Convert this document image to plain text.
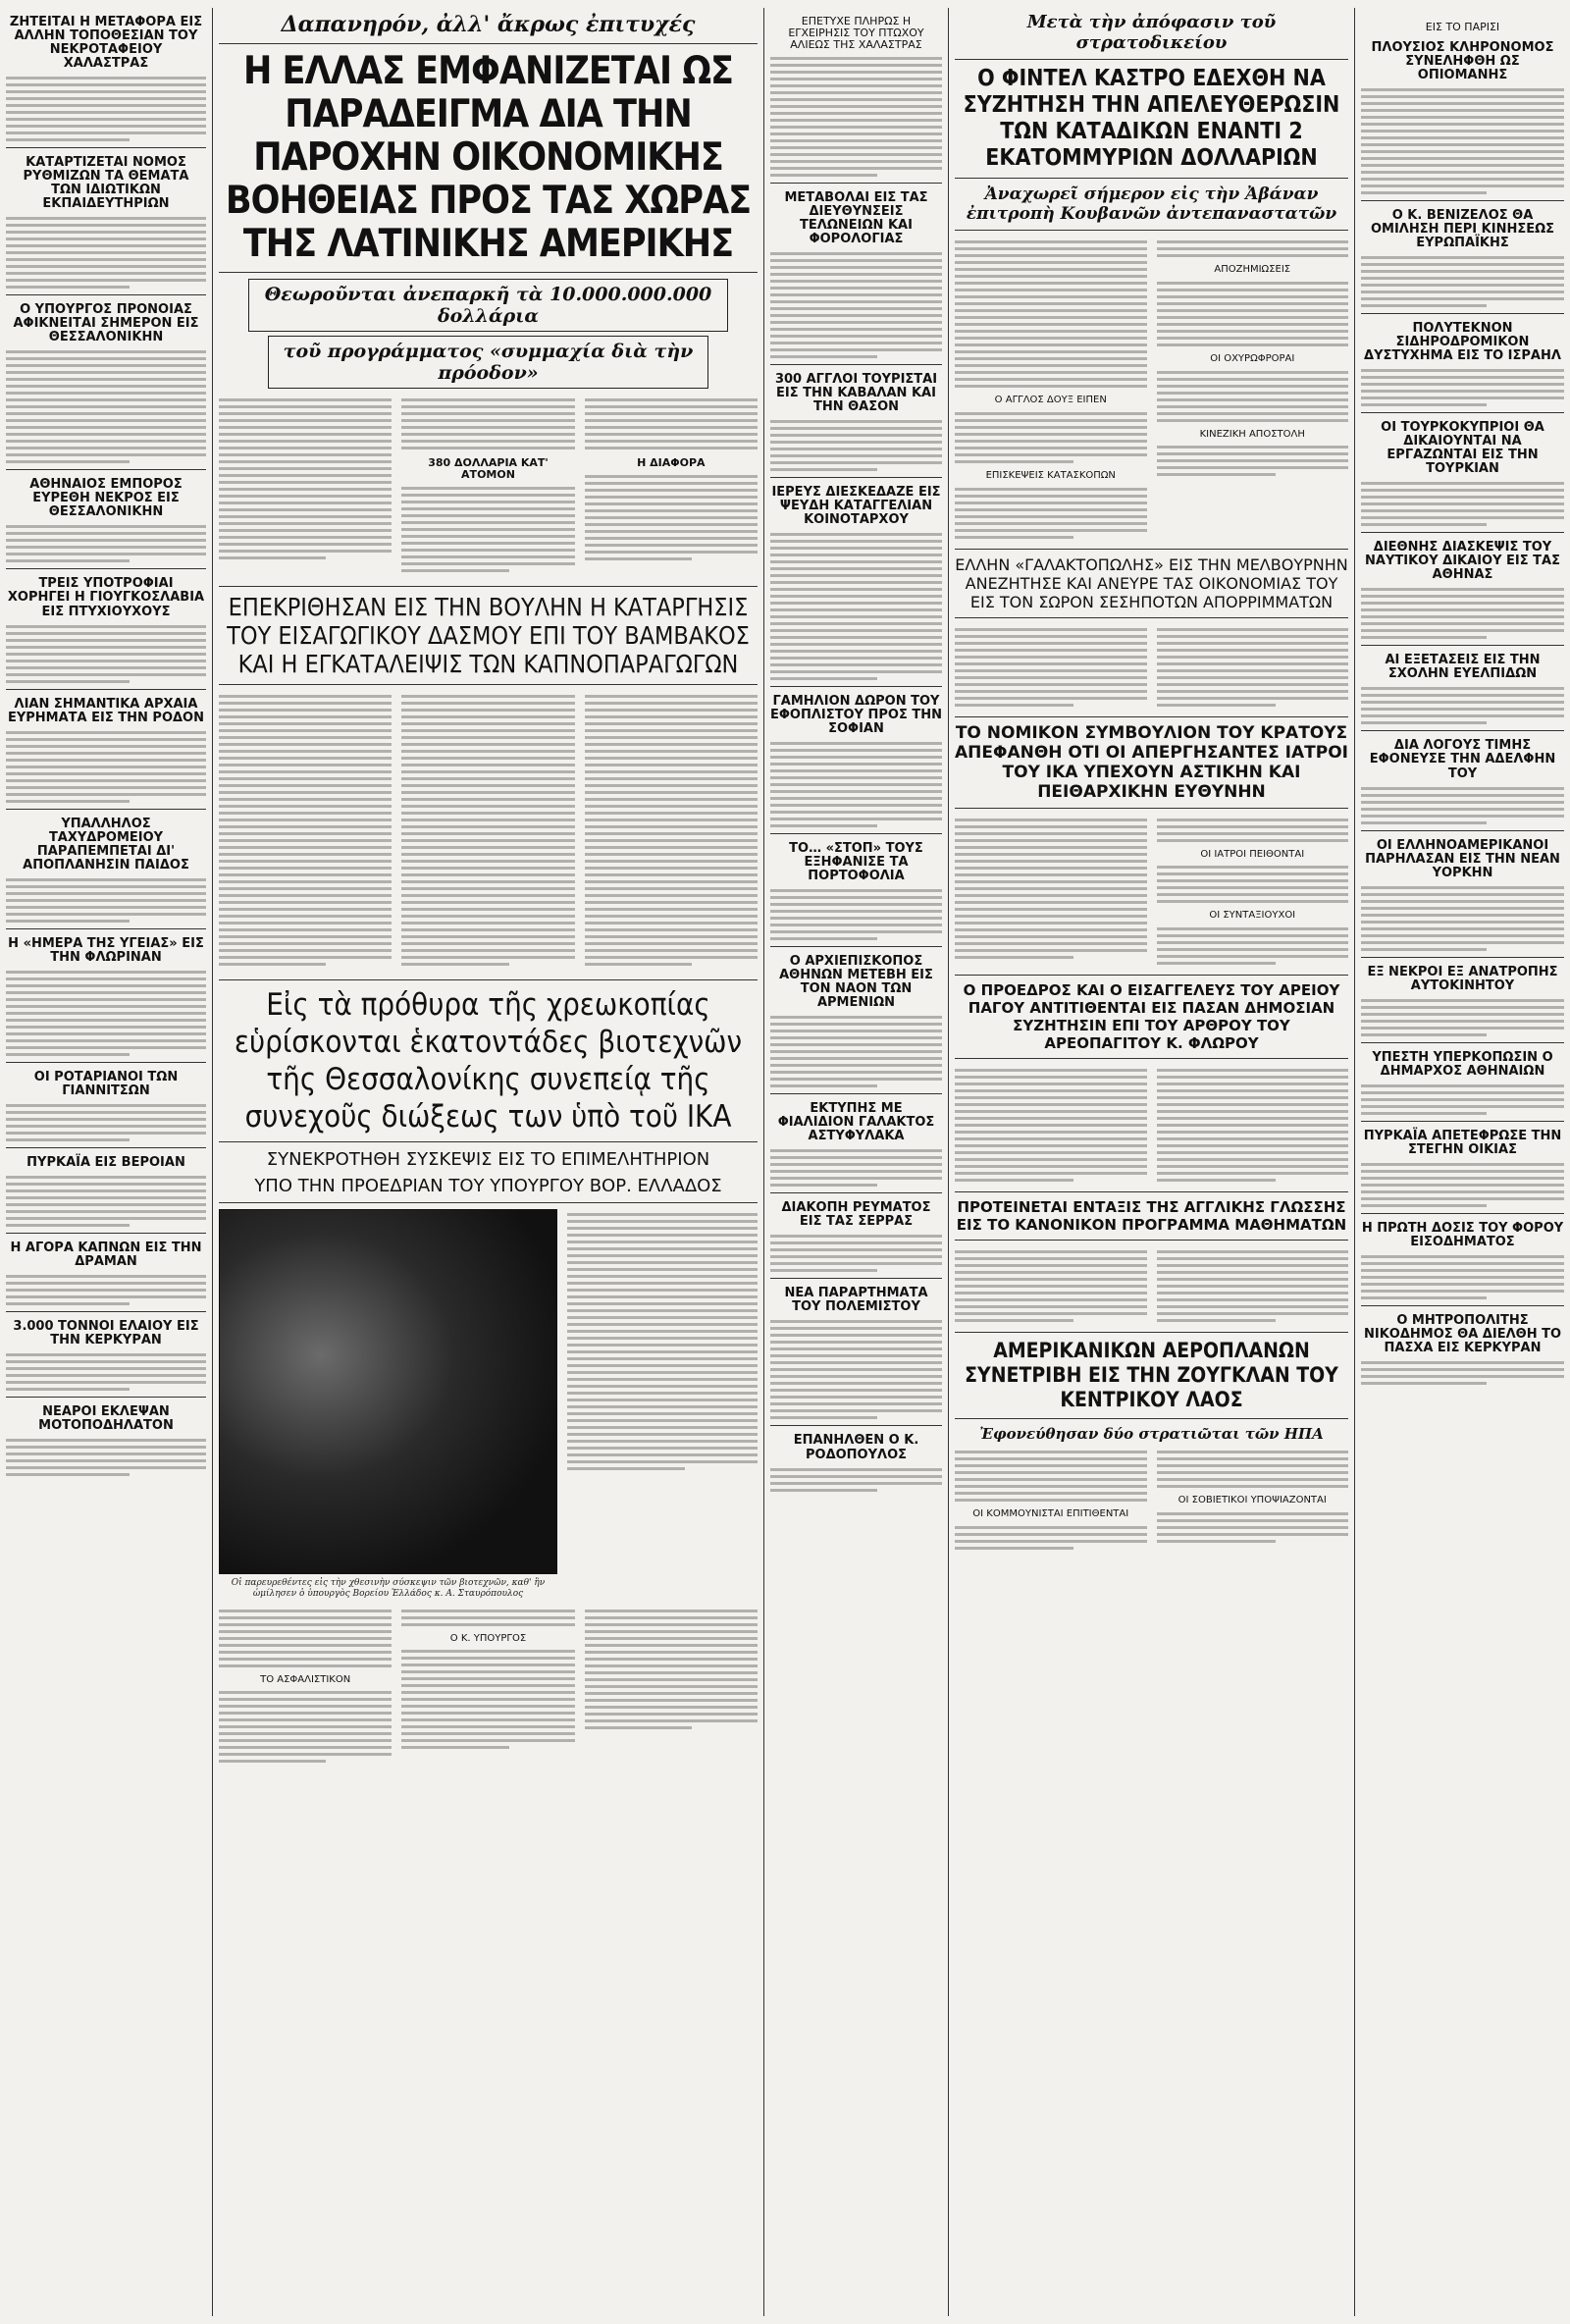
ΖΗΤΕΙΤΑΙ Η ΜΕΤΑΦΟΡΑ ΕΙΣ ΑΛΛΗΝ ΤΟΠΟΘΕΣΙΑΝ ΤΟΥ ΝΕΚΡΟΤΑΦΕΙΟΥ ΧΑΛΑΣΤΡΑΣ
ΚΑΤΑΡΤΙΖΕΤΑΙ ΝΟΜΟΣ ΡΥΘΜΙΖΩΝ ΤΑ ΘΕΜΑΤΑ ΤΩΝ ΙΔΙΩΤΙΚΩΝ ΕΚΠΑΙΔΕΥΤΗΡΙΩΝ
Ο ΥΠΟΥΡΓΟΣ ΠΡΟΝΟΙΑΣ ΑΦΙΚΝΕΙΤΑΙ ΣΗΜΕΡΟΝ ΕΙΣ ΘΕΣΣΑΛΟΝΙΚΗΝ
ΑΘΗΝΑΙΟΣ ΕΜΠΟΡΟΣ ΕΥΡΕΘΗ ΝΕΚΡΟΣ ΕΙΣ ΘΕΣΣΑΛΟΝΙΚΗΝ
ΤΡΕΙΣ ΥΠΟΤΡΟΦΙΑΙ ΧΟΡΗΓΕΙ Η ΓΙΟΥΓΚΟΣΛΑΒΙΑ ΕΙΣ ΠΤΥΧΙΟΥΧΟΥΣ
ΛΙΑΝ ΣΗΜΑΝΤΙΚΑ ΑΡΧΑΙΑ ΕΥΡΗΜΑΤΑ ΕΙΣ ΤΗΝ ΡΟΔΟΝ
ΥΠΑΛΛΗΛΟΣ ΤΑΧΥΔΡΟΜΕΙΟΥ ΠΑΡΑΠΕΜΠΕΤΑΙ ΔΙ' ΑΠΟΠΛΑΝΗΣΙΝ ΠΑΙΔΟΣ
Η «ΗΜΕΡΑ ΤΗΣ ΥΓΕΙΑΣ» ΕΙΣ ΤΗΝ ΦΛΩΡΙΝΑΝ
ΟΙ ΡΟΤΑΡΙΑΝΟΙ ΤΩΝ ΓΙΑΝΝΙΤΣΩΝ
ΠΥΡΚΑΪΑ ΕΙΣ ΒΕΡΟΙΑΝ
Η ΑΓΟΡΑ ΚΑΠΝΩΝ ΕΙΣ ΤΗΝ ΔΡΑΜΑΝ
3.000 ΤΟΝΝΟΙ ΕΛΑΙΟΥ ΕΙΣ ΤΗΝ ΚΕΡΚΥΡΑΝ
ΝΕΑΡΟΙ ΕΚΛΕΨΑΝ ΜΟΤΟΠΟΔΗΛΑΤΟΝ
Δαπανηρόν, ἀλλ' ἄκρως ἐπιτυχές
Η ΕΛΛΑΣ ΕΜΦΑΝΙΖΕΤΑΙ ΩΣ ΠΑΡΑΔΕΙΓΜΑ ΔΙΑ ΤΗΝ ΠΑΡΟΧΗΝ ΟΙΚΟΝΟΜΙΚΗΣ ΒΟΗΘΕΙΑΣ ΠΡΟΣ ΤΑΣ ΧΩΡΑΣ ΤΗΣ ΛΑΤΙΝΙΚΗΣ ΑΜΕΡΙΚΗΣ
Θεωροῦνται ἀνεπαρκῆ τὰ 10.000.000.000 δολλάρια
τοῦ προγράμματος «συμμαχία διὰ τὴν πρόοδον»
380 ΔΟΛΛΑΡΙΑ ΚΑΤ' ΑΤΟΜΟΝ
Η ΔΙΑΦΟΡΑ
ΕΠΕΚΡΙΘΗΣΑΝ ΕΙΣ ΤΗΝ ΒΟΥΛΗΝ Η ΚΑΤΑΡΓΗΣΙΣ ΤΟΥ ΕΙΣΑΓΩΓΙΚΟΥ ΔΑΣΜΟΥ ΕΠΙ ΤΟΥ ΒΑΜΒΑΚΟΣ ΚΑΙ Η ΕΓΚΑΤΑΛΕΙΨΙΣ ΤΩΝ ΚΑΠΝΟΠΑΡΑΓΩΓΩΝ
Εἰς τὰ πρόθυρα τῆς χρεωκοπίας εὑρίσκονται ἑκατοντάδες βιοτεχνῶν τῆς Θεσσαλονίκης συνεπείᾳ τῆς συνεχοῦς διώξεως των ὑπὸ τοῦ ΙΚΑ
ΣΥΝΕΚΡΟΤΗΘΗ ΣΥΣΚΕΨΙΣ ΕΙΣ ΤΟ ΕΠΙΜΕΛΗΤΗΡΙΟΝ
ΥΠΟ ΤΗΝ ΠΡΟΕΔΡΙΑΝ ΤΟΥ ΥΠΟΥΡΓΟΥ ΒΟΡ. ΕΛΛΑΔΟΣ
Οἱ παρευρεθέντες εἰς τὴν χθεσινὴν σύσκεψιν τῶν βιοτεχνῶν, καθ' ἣν ὡμίλησεν ὁ ὑπουργὸς Βορείου Ἑλλάδος κ. Α. Σταυρόπουλος
ΤΟ ΑΣΦΑΛΙΣΤΙΚΟΝ
Ο Κ. ΥΠΟΥΡΓΟΣ
ΕΠΕΤΥΧΕ ΠΛΗΡΩΣ Η ΕΓΧΕΙΡΗΣΙΣ ΤΟΥ ΠΤΩΧΟΥ ΑΛΙΕΩΣ ΤΗΣ ΧΑΛΑΣΤΡΑΣ
ΜΕΤΑΒΟΛΑΙ ΕΙΣ ΤΑΣ ΔΙΕΥΘΥΝΣΕΙΣ ΤΕΛΩΝΕΙΩΝ ΚΑΙ ΦΟΡΟΛΟΓΙΑΣ
300 ΑΓΓΛΟΙ ΤΟΥΡΙΣΤΑΙ ΕΙΣ ΤΗΝ ΚΑΒΑΛΑΝ ΚΑΙ ΤΗΝ ΘΑΣΟΝ
ΙΕΡΕΥΣ ΔΙΕΣΚΕΔΑΖΕ ΕΙΣ ΨΕΥΔΗ ΚΑΤΑΓΓΕΛΙΑΝ ΚΟΙΝΟΤΑΡΧΟΥ
ΓΑΜΗΛΙΟΝ ΔΩΡΟΝ ΤΟΥ ΕΦΟΠΛΙΣΤΟΥ ΠΡΟΣ ΤΗΝ ΣΟΦΙΑΝ
ΤΟ… «ΣΤΟΠ» ΤΟΥΣ ΕΞΗΦΑΝΙΣΕ ΤΑ ΠΟΡΤΟΦΟΛΙΑ
Ο ΑΡΧΙΕΠΙΣΚΟΠΟΣ ΑΘΗΝΩΝ ΜΕΤΕΒΗ ΕΙΣ ΤΟΝ ΝΑΟΝ ΤΩΝ ΑΡΜΕΝΙΩΝ
ΕΚΤΥΠΗΣ ΜΕ ΦΙΑΛΙΔΙΟΝ ΓΑΛΑΚΤΟΣ ΑΣΤΥΦΥΛΑΚΑ
ΔΙΑΚΟΠΗ ΡΕΥΜΑΤΟΣ ΕΙΣ ΤΑΣ ΣΕΡΡΑΣ
ΝΕΑ ΠΑΡΑΡΤΗΜΑΤΑ ΤΟΥ ΠΟΛΕΜΙΣΤΟΥ
ΕΠΑΝΗΛΘΕΝ Ο Κ. ΡΟΔΟΠΟΥΛΟΣ
Μετὰ τὴν ἀπόφασιν τοῦ στρατοδικείου
Ο ΦΙΝΤΕΛ ΚΑΣΤΡΟ ΕΔΕΧΘΗ ΝΑ ΣΥΖΗΤΗΣΗ ΤΗΝ ΑΠΕΛΕΥΘΕΡΩΣΙΝ ΤΩΝ ΚΑΤΑΔΙΚΩΝ ΕΝΑΝΤΙ 2 ΕΚΑΤΟΜΜΥΡΙΩΝ ΔΟΛΛΑΡΙΩΝ
Ἀναχωρεῖ σήμερον εἰς τὴν Ἀβάναν
ἐπιτροπὴ Κουβανῶν ἀντεπαναστατῶν
Ο ΑΓΓΛΟΣ ΔΟΥΞ ΕΙΠΕΝ
ΕΠΙΣΚΕΨΕΙΣ ΚΑΤΑΣΚΟΠΩΝ
ΑΠΟΖΗΜΙΩΣΕΙΣ
ΟΙ ΟΧΥΡΩΦΡΟΡΑΙ
ΚΙΝΕΖΙΚΗ ΑΠΟΣΤΟΛΗ
ΕΛΛΗΝ «ΓΑΛΑΚΤΟΠΩΛΗΣ» ΕΙΣ ΤΗΝ ΜΕΛΒΟΥΡΝΗΝ ΑΝΕΖΗΤΗΣΕ ΚΑΙ ΑΝΕΥΡΕ ΤΑΣ ΟΙΚΟΝΟΜΙΑΣ ΤΟΥ ΕΙΣ ΤΟΝ ΣΩΡΟΝ ΣΕΣΗΠΟΤΩΝ ΑΠΟΡΡΙΜΜΑΤΩΝ
ΤΟ ΝΟΜΙΚΟΝ ΣΥΜΒΟΥΛΙΟΝ ΤΟΥ ΚΡΑΤΟΥΣ ΑΠΕΦΑΝΘΗ ΟΤΙ ΟΙ ΑΠΕΡΓΗΣΑΝΤΕΣ ΙΑΤΡΟΙ ΤΟΥ ΙΚΑ ΥΠΕΧΟΥΝ ΑΣΤΙΚΗΝ ΚΑΙ ΠΕΙΘΑΡΧΙΚΗΝ ΕΥΘΥΝΗΝ
ΟΙ ΙΑΤΡΟΙ ΠΕΙΘΟΝΤΑΙ
ΟΙ ΣΥΝΤΑΞΙΟΥΧΟΙ
Ο ΠΡΟΕΔΡΟΣ ΚΑΙ Ο ΕΙΣΑΓΓΕΛΕΥΣ ΤΟΥ ΑΡΕΙΟΥ ΠΑΓΟΥ ΑΝΤΙΤΙΘΕΝΤΑΙ ΕΙΣ ΠΑΣΑΝ ΔΗΜΟΣΙΑΝ ΣΥΖΗΤΗΣΙΝ ΕΠΙ ΤΟΥ ΑΡΘΡΟΥ ΤΟΥ ΑΡΕΟΠΑΓΙΤΟΥ Κ. ΦΛΩΡΟΥ
ΠΡΟΤΕΙΝΕΤΑΙ ΕΝΤΑΞΙΣ ΤΗΣ ΑΓΓΛΙΚΗΣ ΓΛΩΣΣΗΣ ΕΙΣ ΤΟ ΚΑΝΟΝΙΚΟΝ ΠΡΟΓΡΑΜΜΑ ΜΑΘΗΜΑΤΩΝ
ΑΜΕΡΙΚΑΝΙΚΩΝ ΑΕΡΟΠΛΑΝΩΝ ΣΥΝΕΤΡΙΒΗ ΕΙΣ ΤΗΝ ΖΟΥΓΚΛΑΝ ΤΟΥ ΚΕΝΤΡΙΚΟΥ ΛΑΟΣ
Ἐφονεύθησαν δύο στρατιῶται τῶν ΗΠΑ
ΟΙ ΚΟΜΜΟΥΝΙΣΤΑΙ ΕΠΙΤΙΘΕΝΤΑΙ
ΟΙ ΣΟΒΙΕΤΙΚΟΙ ΥΠΟΨΙΑΖΟΝΤΑΙ
ΕΙΣ ΤΟ ΠΑΡΙΣΙ
ΠΛΟΥΣΙΟΣ ΚΛΗΡΟΝΟΜΟΣ ΣΥΝΕΛΗΦΘΗ ΩΣ ΟΠΙΟΜΑΝΗΣ
Ο Κ. ΒΕΝΙΖΕΛΟΣ ΘΑ ΟΜΙΛΗΣΗ ΠΕΡΙ ΚΙΝΗΣΕΩΣ ΕΥΡΩΠΑΪΚΗΣ
ΠΟΛΥΤΕΚΝΟΝ ΣΙΔΗΡΟΔΡΟΜΙΚΟΝ ΔΥΣΤΥΧΗΜΑ ΕΙΣ ΤΟ ΙΣΡΑΗΛ
ΟΙ ΤΟΥΡΚΟΚΥΠΡΙΟΙ ΘΑ ΔΙΚΑΙΟΥΝΤΑΙ ΝΑ ΕΡΓΑΖΩΝΤΑΙ ΕΙΣ ΤΗΝ ΤΟΥΡΚΙΑΝ
ΔΙΕΘΝΗΣ ΔΙΑΣΚΕΨΙΣ ΤΟΥ ΝΑΥΤΙΚΟΥ ΔΙΚΑΙΟΥ ΕΙΣ ΤΑΣ ΑΘΗΝΑΣ
ΑΙ ΕΞΕΤΑΣΕΙΣ ΕΙΣ ΤΗΝ ΣΧΟΛΗΝ ΕΥΕΛΠΙΔΩΝ
ΔΙΑ ΛΟΓΟΥΣ ΤΙΜΗΣ ΕΦΟΝΕΥΣΕ ΤΗΝ ΑΔΕΛΦΗΝ ΤΟΥ
ΟΙ ΕΛΛΗΝΟΑΜΕΡΙΚΑΝΟΙ ΠΑΡΗΛΑΣΑΝ ΕΙΣ ΤΗΝ ΝΕΑΝ ΥΟΡΚΗΝ
ΕΞ ΝΕΚΡΟΙ ΕΞ ΑΝΑΤΡΟΠΗΣ ΑΥΤΟΚΙΝΗΤΟΥ
ΥΠΕΣΤΗ ΥΠΕΡΚΟΠΩΣΙΝ Ο ΔΗΜΑΡΧΟΣ ΑΘΗΝΑΙΩΝ
ΠΥΡΚΑΪΑ ΑΠΕΤΕΦΡΩΣΕ ΤΗΝ ΣΤΕΓΗΝ ΟΙΚΙΑΣ
Η ΠΡΩΤΗ ΔΟΣΙΣ ΤΟΥ ΦΟΡΟΥ ΕΙΣΟΔΗΜΑΤΟΣ
Ο ΜΗΤΡΟΠΟΛΙΤΗΣ ΝΙΚΟΔΗΜΟΣ ΘΑ ΔΙΕΛΘΗ ΤΟ ΠΑΣΧΑ ΕΙΣ ΚΕΡΚΥΡΑΝ
